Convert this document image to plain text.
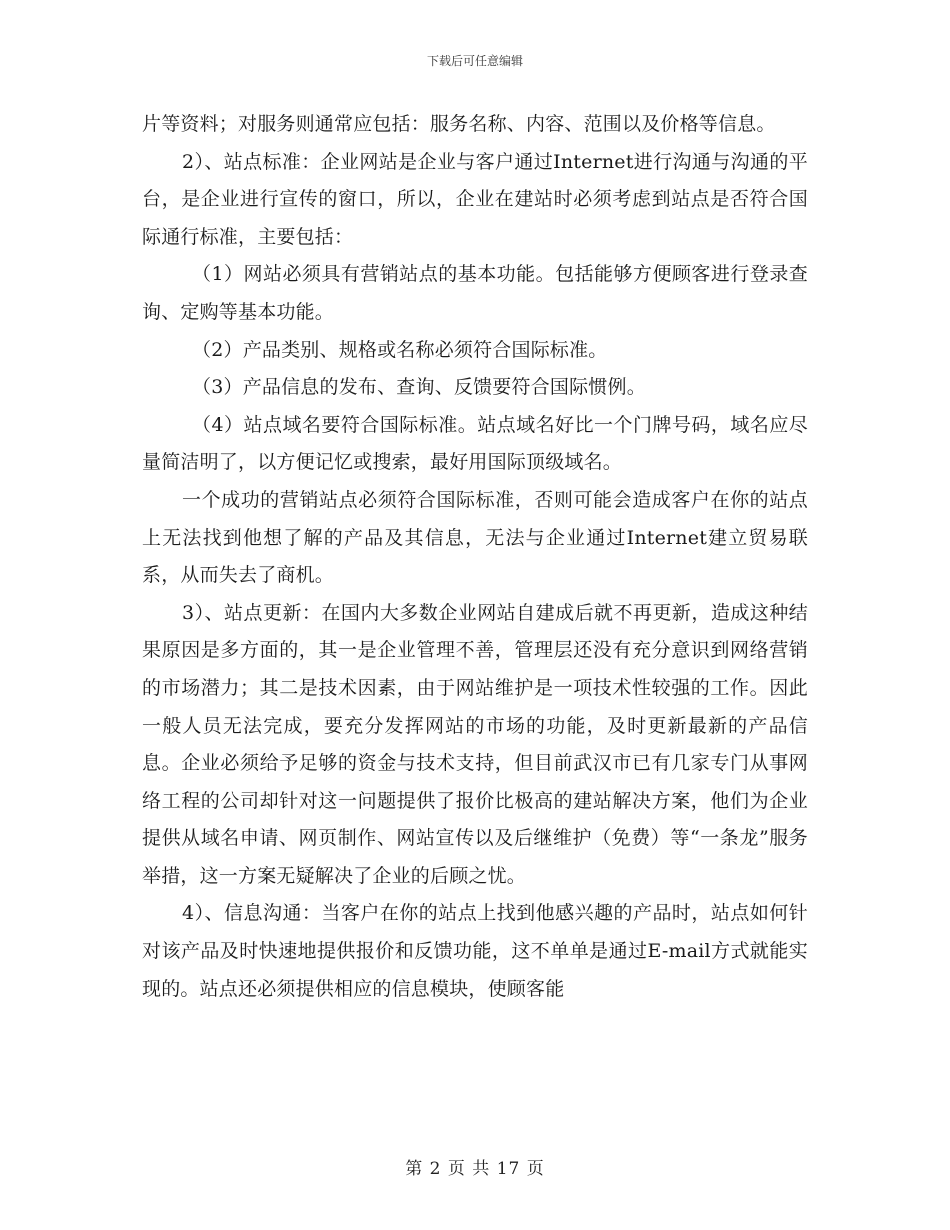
下载后可任意编辑

片等资料；对服务则通常应包括：服务名称、内容、范围以及价格等信息。

2）、站点标准：企业网站是企业与客户通过Internet进行沟通与沟通的平台，是企业进行宣传的窗口，所以，企业在建站时必须考虑到站点是否符合国际通行标准，主要包括：

（1）网站必须具有营销站点的基本功能。包括能够方便顾客进行登录查询、定购等基本功能。

（2）产品类别、规格或名称必须符合国际标准。

（3）产品信息的发布、查询、反馈要符合国际惯例。

（4）站点域名要符合国际标准。站点域名好比一个门牌号码，域名应尽量简洁明了，以方便记忆或搜索，最好用国际顶级域名。

一个成功的营销站点必须符合国际标准，否则可能会造成客户在你的站点上无法找到他想了解的产品及其信息，无法与企业通过Internet建立贸易联系，从而失去了商机。

3）、站点更新：在国内大多数企业网站自建成后就不再更新，造成这种结果原因是多方面的，其一是企业管理不善，管理层还没有充分意识到网络营销的市场潜力；其二是技术因素，由于网站维护是一项技术性较强的工作。因此一般人员无法完成，要充分发挥网站的市场的功能，及时更新最新的产品信息。企业必须给予足够的资金与技术支持，但目前武汉市已有几家专门从事网络工程的公司却针对这一问题提供了报价比极高的建站解决方案，他们为企业提供从域名申请、网页制作、网站宣传以及后继维护（免费）等“一条龙”服务举措，这一方案无疑解决了企业的后顾之忧。

4）、信息沟通：当客户在你的站点上找到他感兴趣的产品时，站点如何针对该产品及时快速地提供报价和反馈功能，这不单单是通过E-mail方式就能实现的。站点还必须提供相应的信息模块，使顾客能

第 2 页 共 17 页
